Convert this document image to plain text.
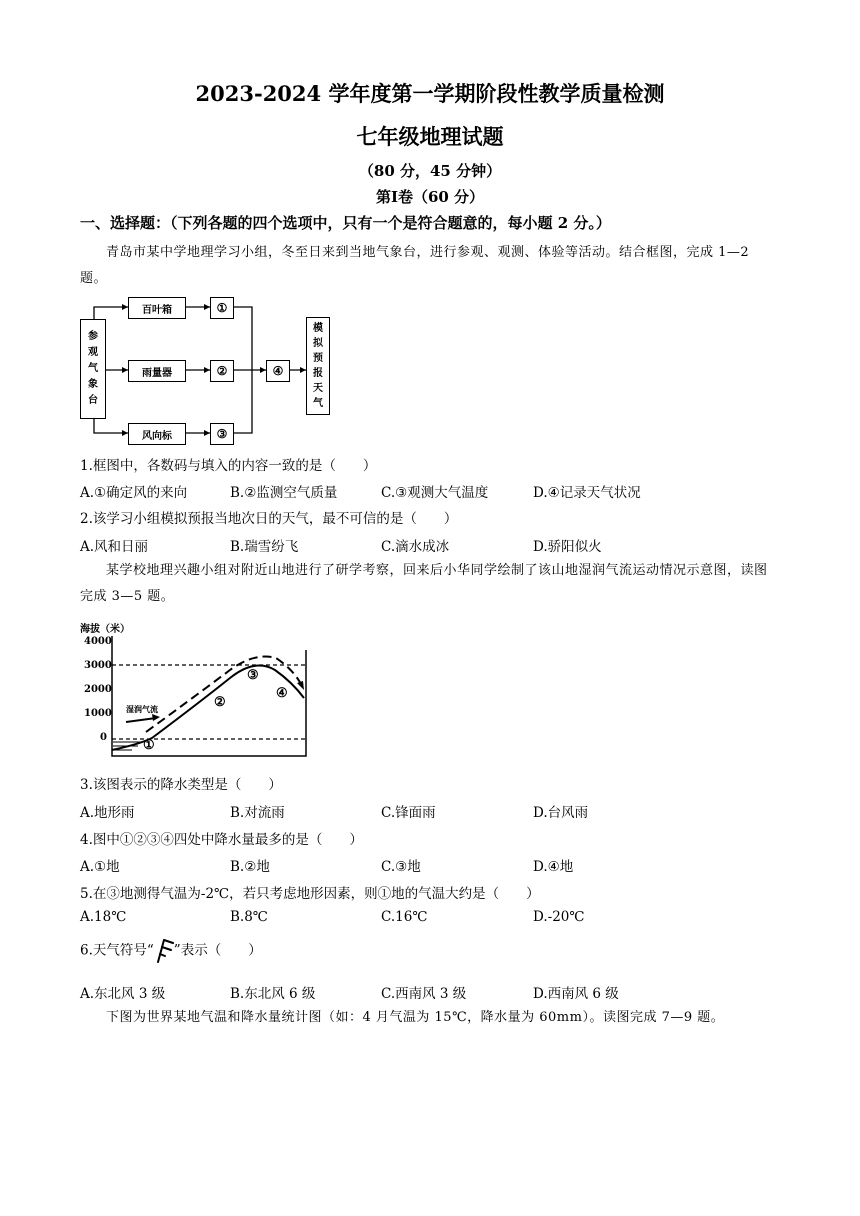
2023-2024 学年度第一学期阶段性教学质量检测
七年级地理试题
（80 分，45 分钟）
第Ⅰ卷（60 分）
一、选择题：（下列各题的四个选项中，只有一个是符合题意的，每小题 2 分。）
青岛市某中学地理学习小组，冬至日来到当地气象台，进行参观、观测、体验等活动。结合框图，完成 1—2 题。
参
观
气
象
台
百叶箱
雨量器
风向标
①
②
③
④
模
拟
预
报
天
气
1.框图中，各数码与填入的内容一致的是（　　）
A.①确定风的来向	B.②监测空气质量	C.③观测大气温度	D.④记录天气状况
2.该学习小组模拟预报当地次日的天气，最不可信的是（　　）
A.风和日丽	B.瑞雪纷飞	C.滴水成冰	D.骄阳似火
某学校地理兴趣小组对附近山地进行了研学考察，回来后小华同学绘制了该山地湿润气流运动情况示意图，读图完成 3—5 题。
海拔（米）
4000
3000
2000
1000
0
湿润气流
①
②
③
④
3.该图表示的降水类型是（　　）
A.地形雨	B.对流雨	C.锋面雨	D.台风雨
4.图中①②③④四处中降水量最多的是（　　）
A.①地	B.②地	C.③地	D.④地
5.在③地测得气温为-2℃，若只考虑地形因素，则①地的气温大约是（　　）
A.18℃	B.8℃	C.16℃	D.-20℃
6.天气符号“ ”表示（　　）
A.东北风 3 级	B.东北风 6 级	C.西南风 3 级	D.西南风 6 级
下图为世界某地气温和降水量统计图（如：4 月气温为 15℃，降水量为 60mm）。读图完成 7—9 题。
